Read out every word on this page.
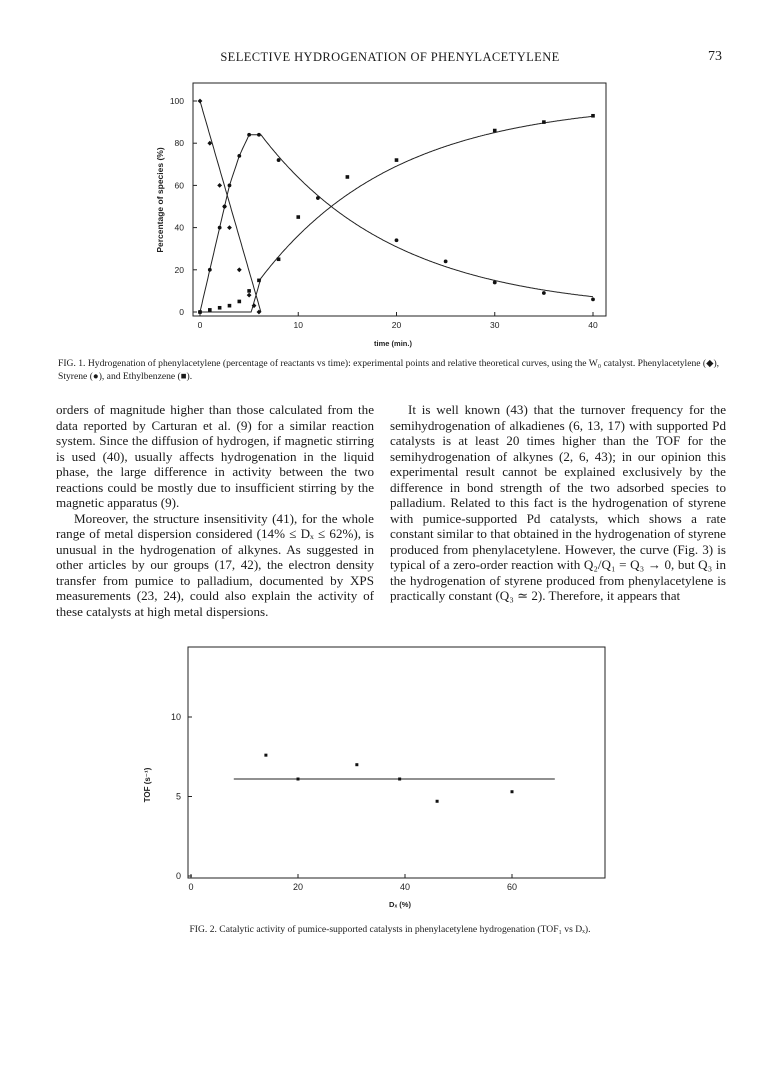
SELECTIVE HYDROGENATION OF PHENYLACETYLENE	73
0
20
40
60
80
100
0	10	20	30	40
Percentage of species (%)
time (min.)
FIG. 1. Hydrogenation of phenylacetylene (percentage of reactants vs time): experimental points and relative theoretical curves, using the W₀ catalyst. Phenylacetylene (◆), Styrene (●), and Ethylbenzene (■).

orders of magnitude higher than those calculated from the data reported by Carturan et al. (9) for a similar reaction system. Since the diffusion of hydrogen, if magnetic stirring is used (40), usually affects hydrogenation in the liquid phase, the large difference in activity between the two reactions could be mostly due to insufficient stirring by the magnetic apparatus (9).

Moreover, the structure insensitivity (41), for the whole range of metal dispersion considered (14% ≤ Dₓ ≤ 62%), is unusual in the hydrogenation of alkynes. As suggested in other articles by our groups (17, 42), the electron density transfer from pumice to palladium, documented by XPS measurements (23, 24), could also explain the activity of these catalysts at high metal dispersions.

It is well known (43) that the turnover frequency for the semihydrogenation of alkadienes (6, 13, 17) with supported Pd catalysts is at least 20 times higher than the TOF for the semihydrogenation of alkynes (2, 6, 43); in our opinion this experimental result cannot be explained exclusively by the difference in bond strength of the two adsorbed species to palladium. Related to this fact is the hydrogenation of styrene with pumice-supported Pd catalysts, which shows a rate constant similar to that obtained in the hydrogenation of styrene produced from phenylacetylene. However, the curve (Fig. 3) is typical of a zero-order reaction with Q₂/Q₁ = Q₃ → 0, but Q₃ in the hydrogenation of styrene produced from phenylacetylene is practically constant (Q₃ ≃ 2). Therefore, it appears that

0
5
10
0	20	40	60
TOF (s⁻¹)
Dₓ (%)
FIG. 2. Catalytic activity of pumice-supported catalysts in phenylacetylene hydrogenation (TOF₁ vs Dₓ).
